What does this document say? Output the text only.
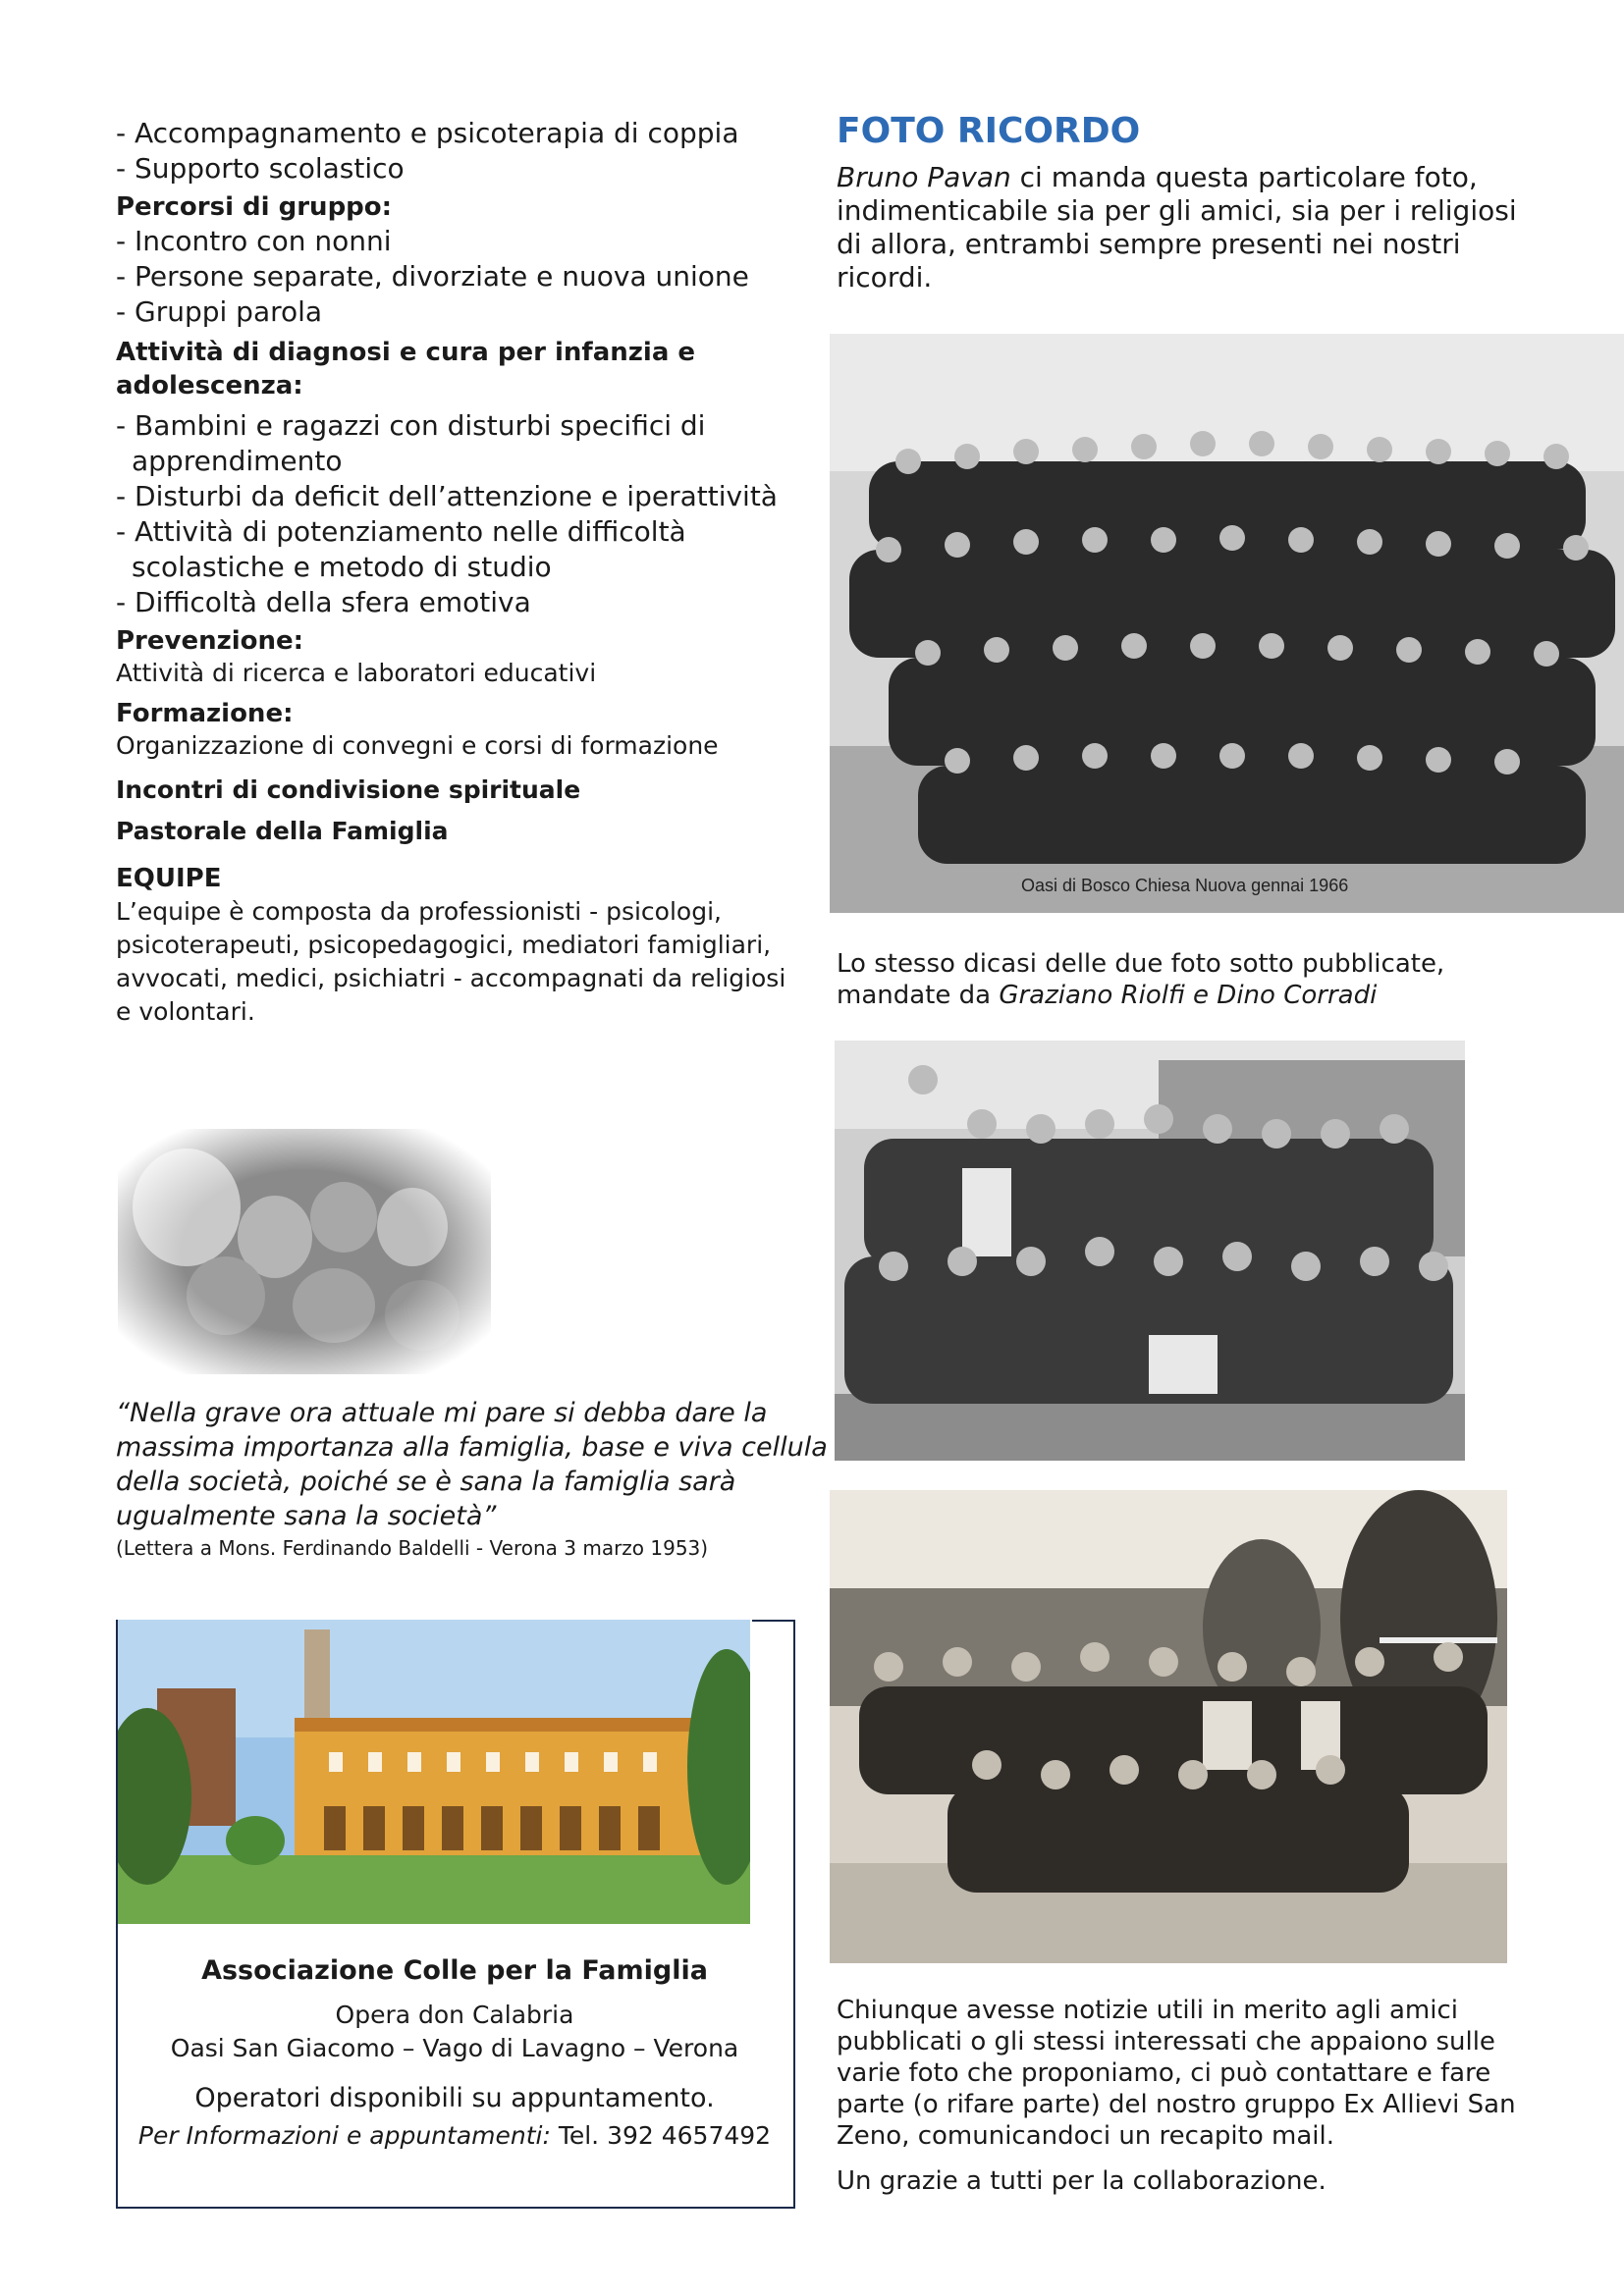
- Accompagnamento e psicoterapia di coppia

- Supporto scolastico

Percorsi di gruppo:

- Incontro con nonni

- Persone separate, divorziate e nuova unione

- Gruppi parola

Attività di diagnosi e cura per infanzia e

adolescenza:

- Bambini e ragazzi con disturbi specifici di

apprendimento

- Disturbi da deficit dell’attenzione e iperattività

- Attività di potenziamento nelle difficoltà

scolastiche e metodo di studio

- Difficoltà della sfera emotiva

Prevenzione:

Attività di ricerca e laboratori educativi

Formazione:

Organizzazione di convegni e corsi di formazione

Incontri di condivisione spirituale

Pastorale della Famiglia

EQUIPE

L’equipe è composta da professionisti - psicologi,

psicoterapeuti, psicopedagogici, mediatori famigliari,

avvocati, medici, psichiatri - accompagnati da religiosi

e volontari.

“Nella grave ora attuale mi pare si debba dare la

massima importanza alla famiglia, base e viva cellula

della società, poiché se è sana la famiglia sarà

ugualmente sana la società”

(Lettera a Mons. Ferdinando Baldelli - Verona 3 marzo 1953)

Associazione Colle per la Famiglia

Opera don Calabria

Oasi San Giacomo – Vago di Lavagno – Verona

Operatori disponibili su appuntamento.

Per Informazioni e appuntamenti: Tel. 392 4657492

FOTO RICORDO

Bruno Pavan ci manda questa particolare foto,

indimenticabile sia per gli amici, sia per i religiosi

di allora, entrambi sempre presenti nei nostri

ricordi.

Oasi di Bosco Chiesa Nuova gennai 1966

Lo stesso dicasi delle due foto sotto pubblicate,

mandate da Graziano Riolfi e Dino Corradi

Chiunque avesse notizie utili in merito agli amici

pubblicati o gli stessi interessati che appaiono sulle

varie foto che proponiamo, ci può contattare e fare

parte (o rifare parte) del nostro gruppo Ex Allievi San

Zeno, comunicandoci un recapito mail.

Un grazie a tutti per la collaborazione.
